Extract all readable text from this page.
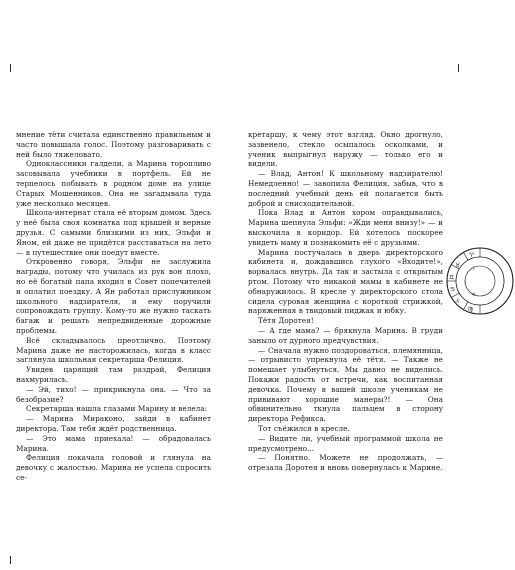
мнение тёти считала единственно правильным и часто повышала голос. Поэтому разговаривать с ней было тяжеловато.

Одноклассники галдели, а Марина торопливо засовывала учебники в портфель. Ей не терпелось побывать в родном доме на улице Старых Мошенников. Она не загадывала туда уже несколько месяцев.

Школа-интернат стала её вторым домом. Здесь у неё была своя комнатка под крышей и верные друзья. С самыми близкими из них, Эльфи и Яном, ей даже не придётся расставаться на лето — в путешествие они поедут вместе.

Откровенно говоря, Эльфи не заслужила награды, потому что училась из рук вон плохо, но её богатый папа входил в Совет попечителей и оплатил поездку. А Ян работал прислужником школьного надзирателя, и ему поручили сопровождать группу. Кому-то же нужно таскать багаж и решать непредвиденные дорожные проблемы.

Всё складывалось преотлично. Поэтому Марина даже не насторожилась, когда в класс заглянула школьная секретарша Фелиция.

Увидев царящий там раздрай, Фелиция нахмурилась.

— Эй, тихо! — прикрикнула она. — Что за безобразие?

Секретарша нашла глазами Марину и велела:

— Марина Мираконо, зайди в кабинет директора. Там тебя ждёт родственница.

— Это мама приехала! — обрадовалась Марина.

Фелиция покачала головой и глянула на девочку с жалостью. Марина не успела спросить се-

кретаршу, к чему этот взгляд. Окно дрогнуло, зазвенело, стекло осыпалось осколками, и ученик выпрыгнул наружу — только его и видели.

— Влад, Антон! К школьному надзирателю! Немедленно! — завопила Фелиция, забыв, что в последний учебный день ей полагается быть доброй и снисходительной.

Пока Влад и Антон хором оправдывались, Марина шепнула Эльфи: «Жди меня внизу!» — и выскочила в коридор. Ей хотелось поскорее увидеть маму и познакомить её с друзьями.

Марина постучалась в дверь директорского кабинета и, дождавшись глухого «Входите!», ворвалась внутрь. Да так и застыла с открытым ртом. Потому что никакой мамы в кабинете не обнаружилось. В кресле у директорского стола сидела суровая женщина с короткой стрижкой, наряженная в твидовый пиджак и юбку.

Тётя Доротея!

— А где мама? — брякнула Марина. В груди заныло от дурного предчувствия.

— Сначала нужно поздороваться, племянница, — отрывисто упрекнула её тётя. — Также не помешает улыбнуться. Мы давно не виделись. Покажи радость от встречи, как воспитанная девочка. Почему в вашей школе ученикам не прививают хорошие манеры?! — Она обвинительно ткнула пальцем в сторону директора Рефикса.

Тот съёжился в кресле.

— Видите ли, учебный программой школа не предусмотрено...

— Понятно. Можете не продолжать, — отрезала Доротея и вновь повернулась к Марине.

♈
♉
♊
♋
♌
♍
☉
☽
♃
